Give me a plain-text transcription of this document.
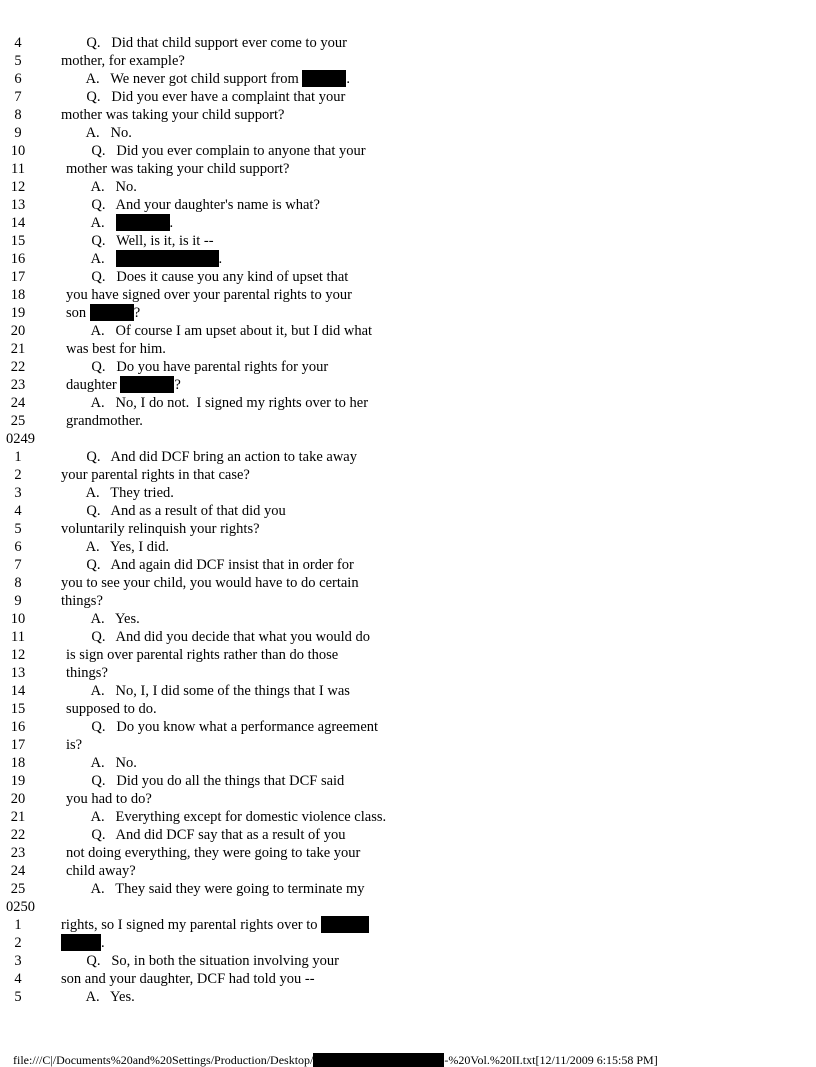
4	Q.   Did that child support ever come to your
5	mother, for example?
6	A.   We never got child support from	.
7	Q.   Did you ever have a complaint that your
8	mother was taking your child support?
9	A.   No.
10	Q.   Did you ever complain to anyone that your
11	mother was taking your child support?
12	A.   No.
13	Q.   And your daughter's name is what?
14	A.	.
15	Q.   Well, is it, is it --
16	A.	.
17	Q.   Does it cause you any kind of upset that
18	you have signed over your parental rights to your
19	son	?
20	A.   Of course I am upset about it, but I did what
21	was best for him.
22	Q.   Do you have parental rights for your
23	daughter	?
24	A.   No, I do not.  I signed my rights over to her
25	grandmother.
0249
1	Q.   And did DCF bring an action to take away
2	your parental rights in that case?
3	A.   They tried.
4	Q.   And as a result of that did you
5	voluntarily relinquish your rights?
6	A.   Yes, I did.
7	Q.   And again did DCF insist that in order for
8	you to see your child, you would have to do certain
9	things?
10	A.   Yes.
11	Q.   And did you decide that what you would do
12	is sign over parental rights rather than do those
13	things?
14	A.   No, I, I did some of the things that I was
15	supposed to do.
16	Q.   Do you know what a performance agreement
17	is?
18	A.   No.
19	Q.   Did you do all the things that DCF said
20	you had to do?
21	A.   Everything except for domestic violence class.
22	Q.   And did DCF say that as a result of you
23	not doing everything, they were going to take your
24	child away?
25	A.   They said they were going to terminate my
0250
1	rights, so I signed my parental rights over to
2	.
3	Q.   So, in both the situation involving your
4	son and your daughter, DCF had told you --
5	A.   Yes.

file:///C|/Documents%20and%20Settings/Production/Desktop/	-%20Vol.%20II.txt[12/11/2009 6:15:58 PM]
